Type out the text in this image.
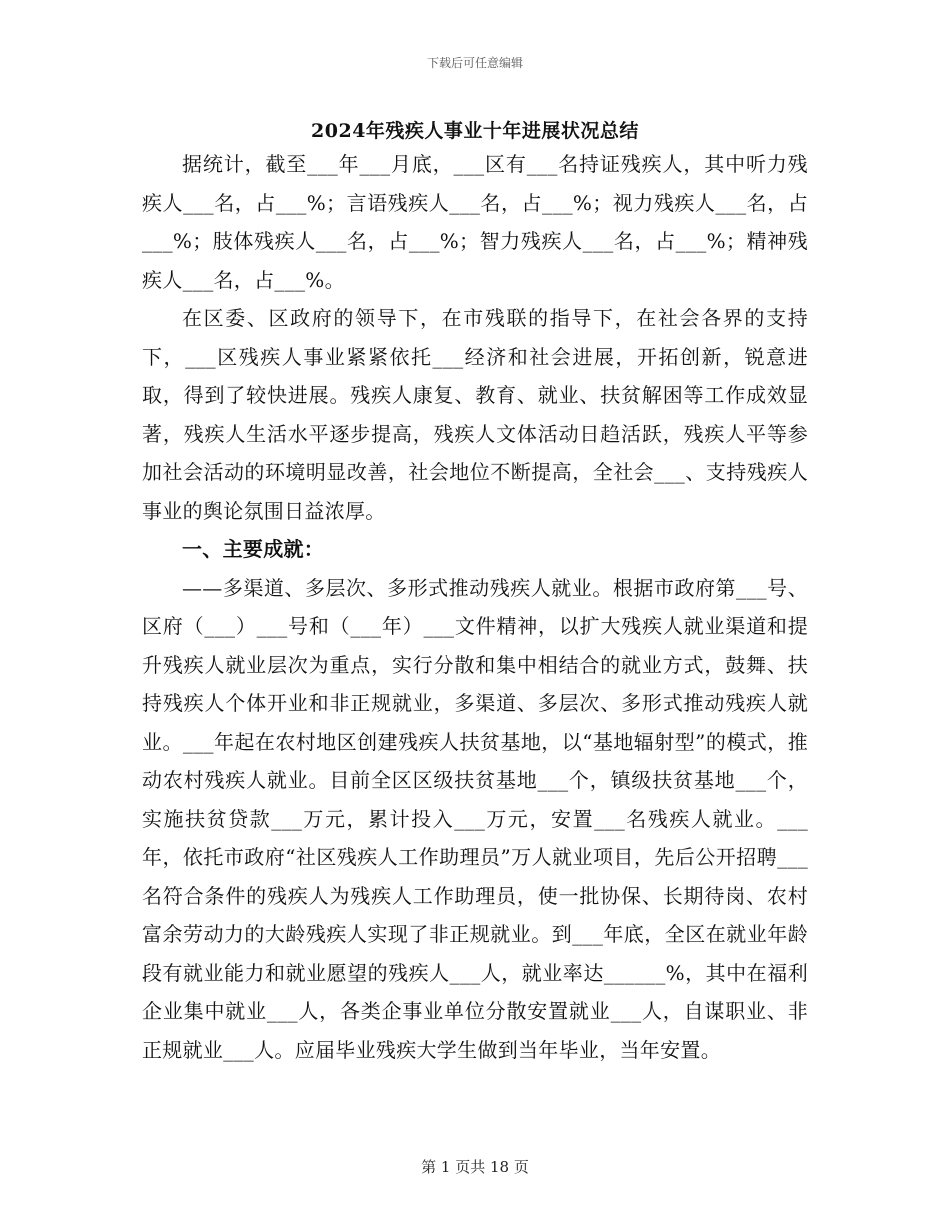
下载后可任意编辑
2024年残疾人事业十年进展状况总结

据统计，截至___年___月底，___区有___名持证残疾人，其中听力残疾人___名，占___%；言语残疾人___名，占___%；视力残疾人___名，占___%；肢体残疾人___名，占___%；智力残疾人___名，占___%；精神残疾人___名，占___%。

在区委、区政府的领导下，在市残联的指导下，在社会各界的支持下，___区残疾人事业紧紧依托___经济和社会进展，开拓创新，锐意进取，得到了较快进展。残疾人康复、教育、就业、扶贫解困等工作成效显著，残疾人生活水平逐步提高，残疾人文体活动日趋活跃，残疾人平等参加社会活动的环境明显改善，社会地位不断提高，全社会___、支持残疾人事业的舆论氛围日益浓厚。

一、主要成就：

——多渠道、多层次、多形式推动残疾人就业。根据市政府第___号、区府（___）___号和（___年）___文件精神，以扩大残疾人就业渠道和提升残疾人就业层次为重点，实行分散和集中相结合的就业方式，鼓舞、扶持残疾人个体开业和非正规就业，多渠道、多层次、多形式推动残疾人就业。___年起在农村地区创建残疾人扶贫基地，以“基地辐射型”的模式，推动农村残疾人就业。目前全区区级扶贫基地___个，镇级扶贫基地___个，实施扶贫贷款___万元，累计投入___万元，安置___名残疾人就业。___年，依托市政府“社区残疾人工作助理员”万人就业项目，先后公开招聘___名符合条件的残疾人为残疾人工作助理员，使一批协保、长期待岗、农村富余劳动力的大龄残疾人实现了非正规就业。到___年底，全区在就业年龄段有就业能力和就业愿望的残疾人___人，就业率达______%，其中在福利企业集中就业___人，各类企事业单位分散安置就业___人，自谋职业、非正规就业___人。应届毕业残疾大学生做到当年毕业，当年安置。

第 1 页共 18 页
